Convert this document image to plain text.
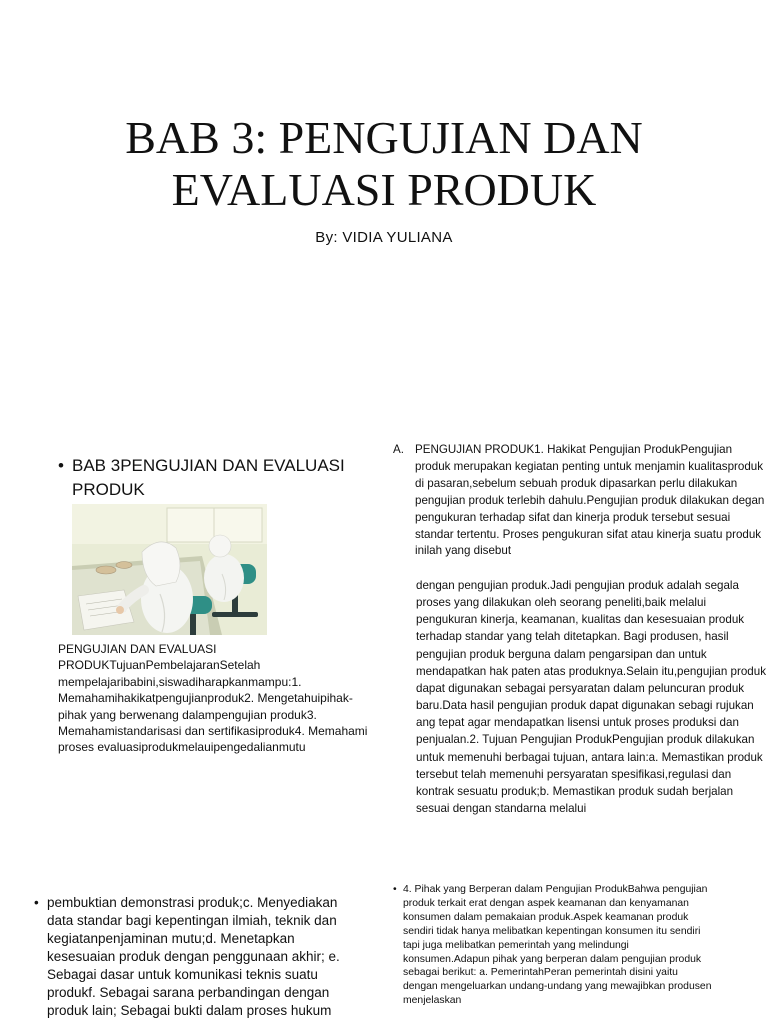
BAB 3: PENGUJIAN DAN EVALUASI PRODUK
By: VIDIA YULIANA
• BAB 3PENGUJIAN DAN EVALUASI PRODUK
PENGUJIAN DAN EVALUASI PRODUKTujuanPembelajaranSetelah mempelajaribabini,siswadiharapkanmampu:1. Memahamihakikatpengujianproduk2. Mengetahuipihak-pihak yang berwenang dalampengujian produk3. Memahamistandarisasi dan sertifikasiproduk4. Memahami proses evaluasiprodukmelauipengedalianmutu
A. PENGUJIAN PRODUK1. Hakikat Pengujian ProdukPengujian produk merupakan kegiatan penting untuk menjamin kualitasproduk di pasaran,sebelum sebuah produk dipasarkan perlu dilakukan pengujian produk terlebih dahulu.Pengujian produk dilakukan degan pengukuran terhadap sifat dan kinerja produk tersebut sesuai standar tertentu. Proses pengukuran sifat atau kinerja suatu produk inilah yang disebut
dengan pengujian produk.Jadi pengujian produk adalah segala proses yang dilakukan oleh seorang peneliti,baik melalui pengukuran kinerja, keamanan, kualitas dan kesesuaian produk terhadap standar yang telah ditetapkan. Bagi produsen, hasil pengujian produk berguna dalam pengarsipan dan untuk mendapatkan hak paten atas produknya.Selain itu,pengujian produk dapat digunakan sebagai persyaratan dalam peluncuran produk baru.Data hasil pengujian produk dapat digunakan sebagi rujukan ang tepat agar mendapatkan lisensi untuk proses produksi dan penjualan.2. Tujuan Pengujian ProdukPengujian produk dilakukan untuk memenuhi berbagai tujuan, antara lain:a. Memastikan produk tersebut telah memenuhi persyaratan spesifikasi,regulasi dan kontrak sesuatu produk;b. Memastikan produk sudah berjalan sesuai dengan standarna melalui
• pembuktian demonstrasi produk;c. Menyediakan data standar bagi kepentingan ilmiah, teknik dan kegiatanpenjaminan mutu;d. Menetapkan kesesuaian produk dengan penggunaan akhir; e. Sebagai dasar untuk komunikasi teknis suatu produkf. Sebagai sarana perbandingan dengan produk lain; Sebagai bukti dalam proses hukum
• 4. Pihak yang Berperan dalam Pengujian ProdukBahwa pengujian produk terkait erat dengan aspek keamanan dan kenyamanan konsumen dalam pemakaian produk.Aspek keamanan produk sendiri tidak hanya melibatkan kepentingan konsumen itu sendiri tapi juga melibatkan pemerintah yang melindungi konsumen.Adapun pihak yang berperan dalam pengujian produk sebagai berikut: a. PemerintahPeran pemerintah disini yaitu dengan mengeluarkan undang-undang yang mewajibkan produsen menjelaskan
